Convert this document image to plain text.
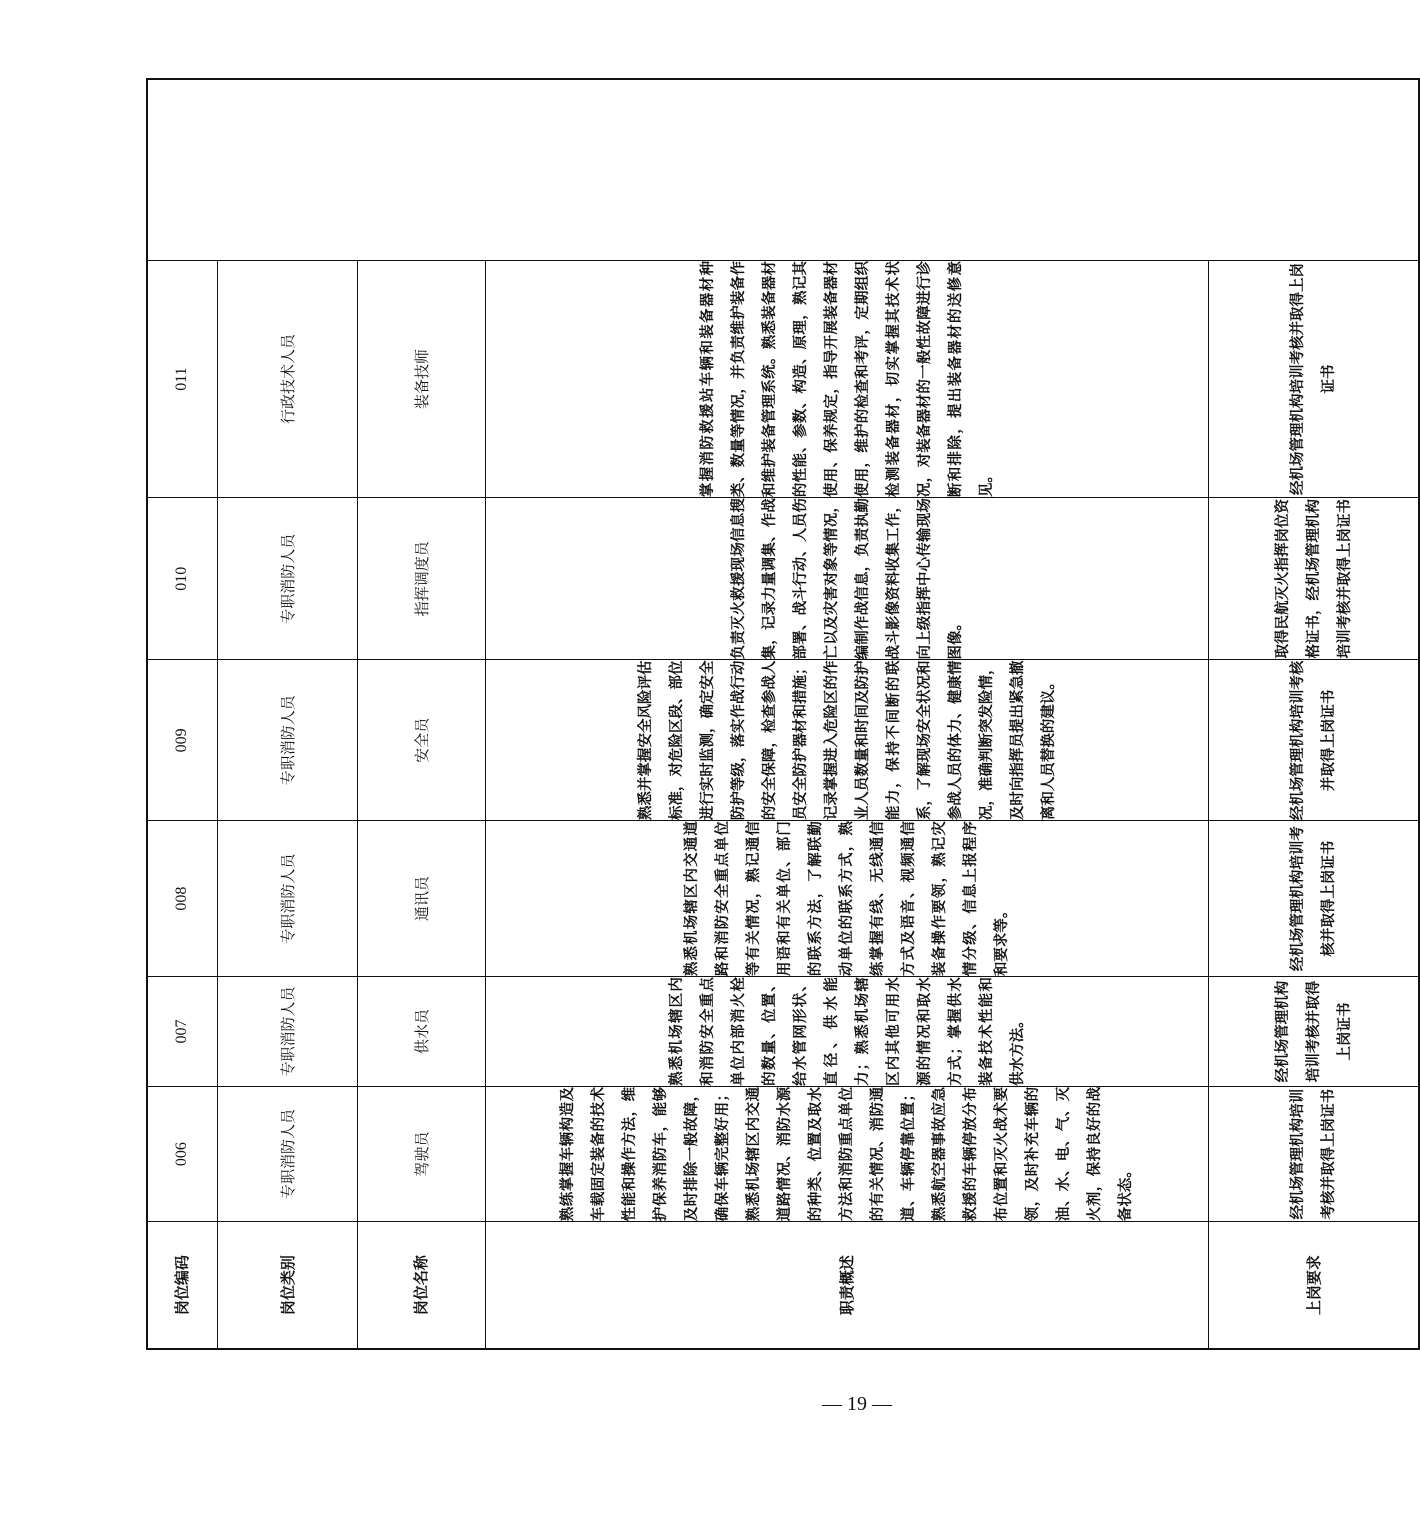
岗位编码	006	007	008	009	010	011
岗位类别	专职消防人员	专职消防人员	专职消防人员	专职消防人员	专职消防人员	行政技术人员
岗位名称	驾驶员	供水员	通讯员	安全员	指挥调度员	装备技师
职责概述	熟练掌握车辆构造及车载固定装备的技术性能和操作方法，维护保养消防车，能够及时排除一般故障，确保车辆完整好用；熟悉机场辖区内交通道路情况、消防水源的种类、位置及取水方法和消防重点单位的有关情况、消防通道、车辆停靠位置；熟悉航空器事故应急救援的车辆停放分布布位置和灭火战术要领，及时补充车辆的油、水、电、气、灭火剂，保持良好的战备状态。	熟悉机场辖区内和消防安全重点单位内部消火栓的数量、位置、给水管网形状、直径、供水能力；熟悉机场辖区内其他可用水源的情况和取水方式；掌握供水装备技术性能和供水方法。	熟悉机场辖区内交通道路和消防安全重点单位等有关情况，熟记通信用语和有关单位、部门的联系方法，了解联勤动单位的联系方式，熟练掌握有线、无线通信方式及语音、视频通信装备操作要领，熟记灾情分级、信息上报程序和要求等。	熟悉并掌握安全风险评估标准，对危险区段、部位进行实时监测，确定安全防护等级，落实作战行动的安全保障，检查参战人员安全防护器材和措施；记录掌握进入危险区的作业人员数量和时间及防护能力，保持不间断的联系，了解现场安全状况和参战人员的体力、健康情况，准确判断突发险情，及时向指挥员提出紧急撤离和人员替换的建议。	负责灭火救援现场信息搜集，记录力量调集、作战部署、战斗行动、人员伤亡以及灾害对象等情况，编制作战信息，负责执勤战斗影像资料收集工作，向上级指挥中心传输现场图像。	掌握消防救援站车辆和装备器材种类、数量等情况，并负责维护装备作和维护装备管理系统。熟悉装备器材的性能、参数、构造、原理，熟记其使用、保养规定，指导开展装备器材使用，维护的检查和考评，定期组织检测装备器材，切实掌握其技术状况，对装备器材的一般性故障进行诊断和排除，提出装备器材的送修意见。
上岗要求	经机场管理机构培训考核并取得上岗证书	经机场管理机构培训考核并取得上岗证书	经机场管理机构培训考核并取得上岗证书	经机场管理机构培训考核并取得上岗证书	取得民航灭火指挥岗位资格证书，经机场管理机构培训考核并取得上岗证书	经机场管理机构培训考核并取得上岗证书
— 19 —
